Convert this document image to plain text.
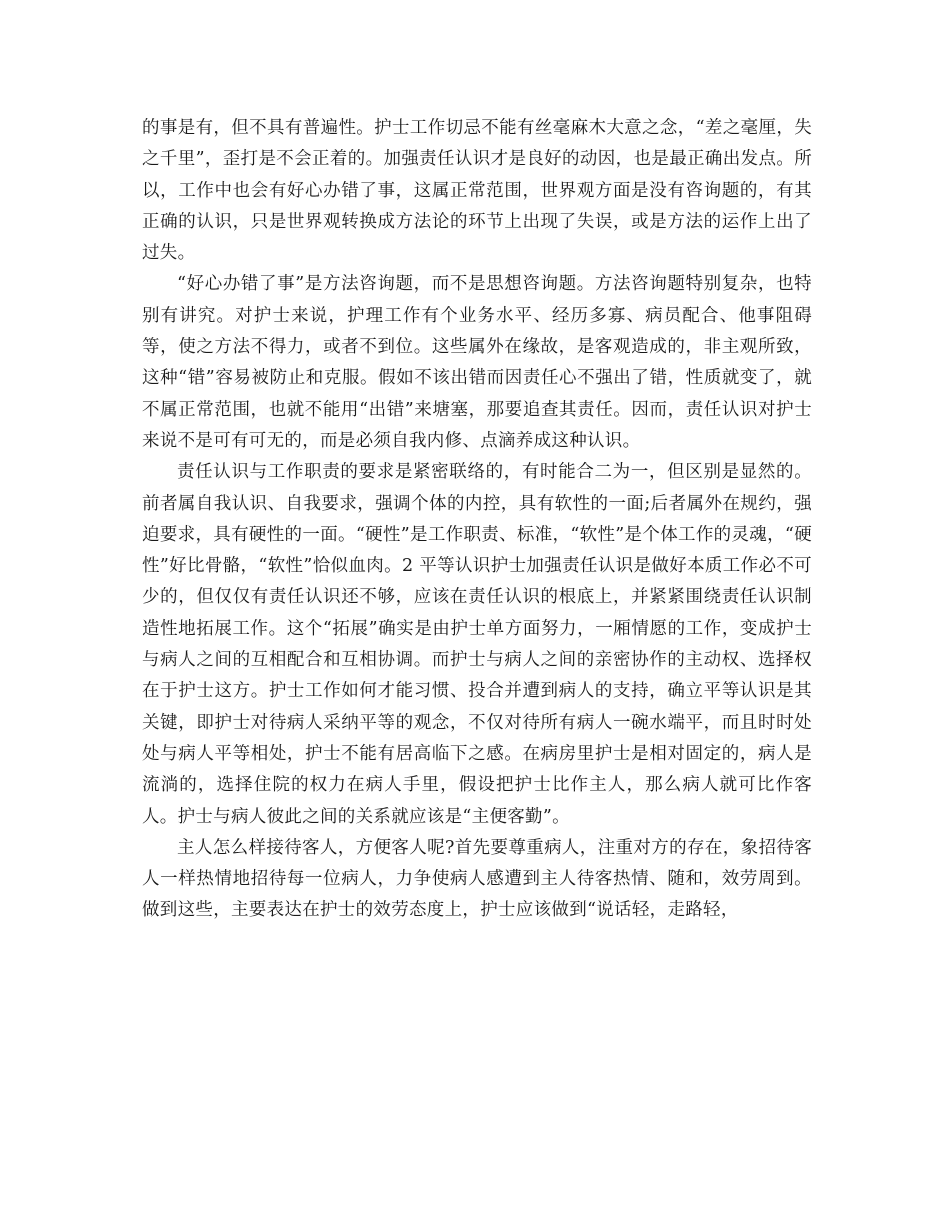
的事是有，但不具有普遍性。护士工作切忌不能有丝毫麻木大意之念，“差之毫厘，失之千里”，歪打是不会正着的。加强责任认识才是良好的动因，也是最正确出发点。所以，工作中也会有好心办错了事，这属正常范围，世界观方面是没有咨询题的，有其正确的认识，只是世界观转换成方法论的环节上出现了失误，或是方法的运作上出了过失。

“好心办错了事”是方法咨询题，而不是思想咨询题。方法咨询题特别复杂，也特别有讲究。对护士来说，护理工作有个业务水平、经历多寡、病员配合、他事阻碍等，使之方法不得力，或者不到位。这些属外在缘故，是客观造成的，非主观所致，这种“错”容易被防止和克服。假如不该出错而因责任心不强出了错，性质就变了，就不属正常范围，也就不能用“出错”来塘塞，那要追查其责任。因而，责任认识对护士来说不是可有可无的，而是必须自我内修、点滴养成这种认识。

责任认识与工作职责的要求是紧密联络的，有时能合二为一，但区别是显然的。前者属自我认识、自我要求，强调个体的内控，具有软性的一面;后者属外在规约，强迫要求，具有硬性的一面。“硬性”是工作职责、标准，“软性”是个体工作的灵魂，“硬性”好比骨骼，“软性”恰似血肉。2 平等认识护士加强责任认识是做好本质工作必不可少的，但仅仅有责任认识还不够，应该在责任认识的根底上，并紧紧围绕责任认识制造性地拓展工作。这个“拓展”确实是由护士单方面努力，一厢情愿的工作，变成护士与病人之间的互相配合和互相协调。而护士与病人之间的亲密协作的主动权、选择权在于护士这方。护士工作如何才能习惯、投合并遭到病人的支持，确立平等认识是其关键，即护士对待病人采纳平等的观念，不仅对待所有病人一碗水端平，而且时时处处与病人平等相处，护士不能有居高临下之感。在病房里护士是相对固定的，病人是流淌的，选择住院的权力在病人手里，假设把护士比作主人，那么病人就可比作客人。护士与病人彼此之间的关系就应该是“主便客勤”。

主人怎么样接待客人，方便客人呢?首先要尊重病人，注重对方的存在，象招待客人一样热情地招待每一位病人，力争使病人感遭到主人待客热情、随和，效劳周到。做到这些，主要表达在护士的效劳态度上，护士应该做到“说话轻，走路轻，
